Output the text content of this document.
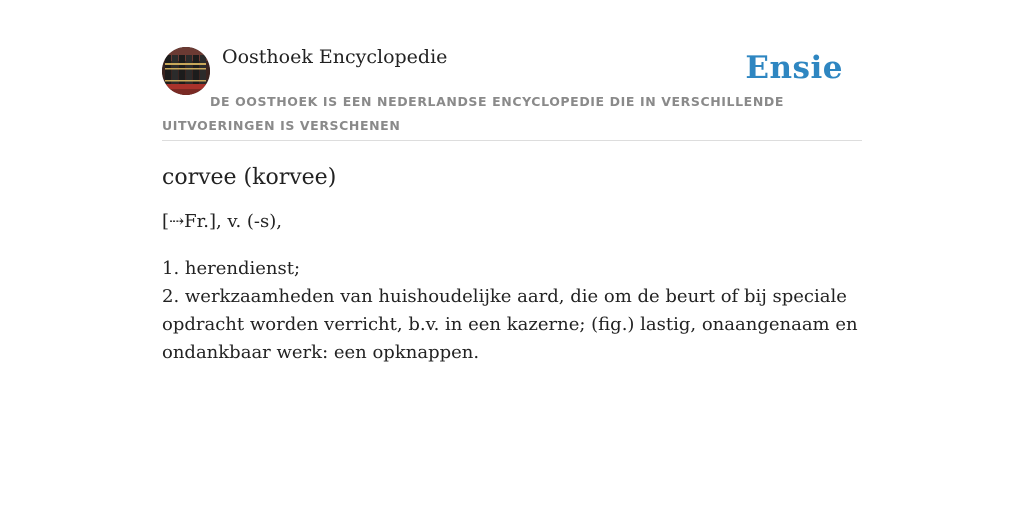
Oosthoek Encyclopedie	Ensie
DE OOSTHOEK IS EEN NEDERLANDSE ENCYCLOPEDIE DIE IN VERSCHILLENDE UITVOERINGEN IS VERSCHENEN
corvee (korvee)

[⇢Fr.], v. (-s),

1. herendienst;
2. werkzaamheden van huishoudelijke aard, die om de beurt of bij speciale opdracht worden verricht, b.v. in een kazerne; (fig.) lastig, onaangenaam en ondankbaar werk: een opknappen.
